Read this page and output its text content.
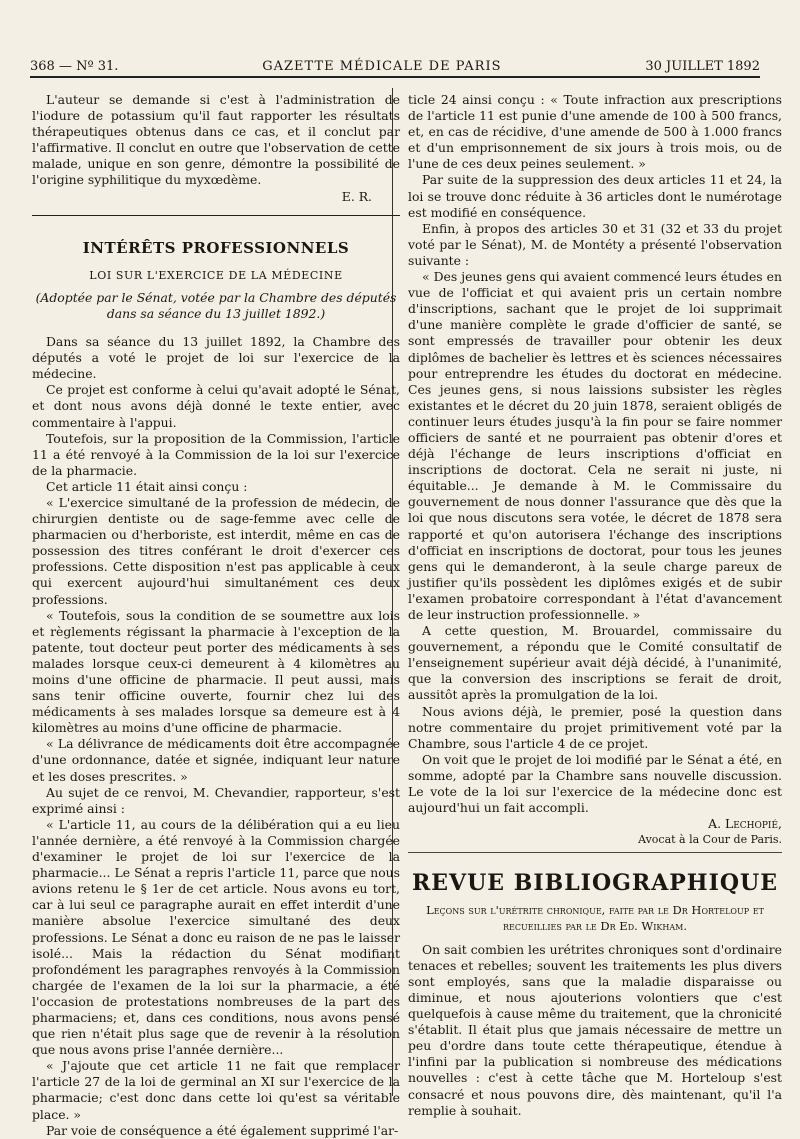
368 — Nº 31.	GAZETTE MÉDICALE DE PARIS	30 JUILLET 1892

L'auteur se demande si c'est à l'administration de l'iodure de potassium qu'il faut rapporter les résultats thérapeutiques obtenus dans ce cas, et il conclut par l'affirmative. Il conclut en outre que l'observation de cette malade, unique en son genre, démontre la possibilité de l'origine syphilitique du myxœdème.

E. R.
INTÉRÊTS PROFESSIONNELS
LOI SUR L'EXERCICE DE LA MÉDECINE
(Adoptée par le Sénat, votée par la Chambre des députés dans sa séance du 13 juillet 1892.)

Dans sa séance du 13 juillet 1892, la Chambre des députés a voté le projet de loi sur l'exercice de la médecine.

Ce projet est conforme à celui qu'avait adopté le Sénat, et dont nous avons déjà donné le texte entier, avec commentaire à l'appui.

Toutefois, sur la proposition de la Commission, l'article 11 a été renvoyé à la Commission de la loi sur l'exercice de la pharmacie.

Cet article 11 était ainsi conçu :

« L'exercice simultané de la profession de médecin, de chirurgien dentiste ou de sage-femme avec celle de pharmacien ou d'herboriste, est interdit, même en cas de possession des titres conférant le droit d'exercer ces professions. Cette disposition n'est pas applicable à ceux qui exercent aujourd'hui simultanément ces deux professions.

« Toutefois, sous la condition de se soumettre aux lois et règlements régissant la pharmacie à l'exception de la patente, tout docteur peut porter des médicaments à ses malades lorsque ceux-ci demeurent à 4 kilomètres au moins d'une officine de pharmacie. Il peut aussi, mais sans tenir officine ouverte, fournir chez lui des médicaments à ses malades lorsque sa demeure est à 4 kilomètres au moins d'une officine de pharmacie.

« La délivrance de médicaments doit être accompagnée d'une ordonnance, datée et signée, indiquant leur nature et les doses prescrites. »

Au sujet de ce renvoi, M. Chevandier, rapporteur, s'est exprimé ainsi :

« L'article 11, au cours de la délibération qui a eu lieu l'année dernière, a été renvoyé à la Commission chargée d'examiner le projet de loi sur l'exercice de la pharmacie... Le Sénat a repris l'article 11, parce que nous avions retenu le § 1er de cet article. Nous avons eu tort, car à lui seul ce paragraphe aurait en effet interdit d'une manière absolue l'exercice simultané des deux professions. Le Sénat a donc eu raison de ne pas le laisser isolé... Mais la rédaction du Sénat modifiant profondément les paragraphes renvoyés à la Commission chargée de l'examen de la loi sur la pharmacie, a été l'occasion de protestations nombreuses de la part des pharmaciens; et, dans ces conditions, nous avons pensé que rien n'était plus sage que de revenir à la résolution que nous avons prise l'année dernière...

« J'ajoute que cet article 11 ne fait que remplacer l'article 27 de la loi de germinal an XI sur l'exercice de la pharmacie; c'est donc dans cette loi qu'est sa véritable place. »

Par voie de conséquence a été également supprimé l'ar-

ticle 24 ainsi conçu : « Toute infraction aux prescriptions de l'article 11 est punie d'une amende de 100 à 500 francs, et, en cas de récidive, d'une amende de 500 à 1.000 francs et d'un emprisonnement de six jours à trois mois, ou de l'une de ces deux peines seulement. »

Par suite de la suppression des deux articles 11 et 24, la loi se trouve donc réduite à 36 articles dont le numérotage est modifié en conséquence.

Enfin, à propos des articles 30 et 31 (32 et 33 du projet voté par le Sénat), M. de Montéty a présenté l'observation suivante :

« Des jeunes gens qui avaient commencé leurs études en vue de l'officiat et qui avaient pris un certain nombre d'inscriptions, sachant que le projet de loi supprimait d'une manière complète le grade d'officier de santé, se sont empressés de travailler pour obtenir les deux diplômes de bachelier ès lettres et ès sciences nécessaires pour entreprendre les études du doctorat en médecine. Ces jeunes gens, si nous laissions subsister les règles existantes et le décret du 20 juin 1878, seraient obligés de continuer leurs études jusqu'à la fin pour se faire nommer officiers de santé et ne pourraient pas obtenir d'ores et déjà l'échange de leurs inscriptions d'officiat en inscriptions de doctorat. Cela ne serait ni juste, ni équitable... Je demande à M. le Commissaire du gouvernement de nous donner l'assurance que dès que la loi que nous discutons sera votée, le décret de 1878 sera rapporté et qu'on autorisera l'échange des inscriptions d'officiat en inscriptions de doctorat, pour tous les jeunes gens qui le demanderont, à la seule charge pareux de justifier qu'ils possèdent les diplômes exigés et de subir l'examen probatoire correspondant à l'état d'avancement de leur instruction professionnelle. »

A cette question, M. Brouardel, commissaire du gouvernement, a répondu que le Comité consultatif de l'enseignement supérieur avait déjà décidé, à l'unanimité, que la conversion des inscriptions se ferait de droit, aussitôt après la promulgation de la loi.

Nous avions déjà, le premier, posé la question dans notre commentaire du projet primitivement voté par la Chambre, sous l'article 4 de ce projet.

On voit que le projet de loi modifié par le Sénat a été, en somme, adopté par la Chambre sans nouvelle discussion. Le vote de la loi sur l'exercice de la médecine donc est aujourd'hui un fait accompli.

A. Lechopié,
Avocat à la Cour de Paris.
REVUE BIBLIOGRAPHIQUE
Leçons sur l'urétrite chronique, faite par le Dr Horteloup et recueillies par le Dr Ed. Wikham.

On sait combien les urétrites chroniques sont d'ordinaire tenaces et rebelles; souvent les traitements les plus divers sont employés, sans que la maladie disparaisse ou diminue, et nous ajouterions volontiers que c'est quelquefois à cause même du traitement, que la chronicité s'établit. Il était plus que jamais nécessaire de mettre un peu d'ordre dans toute cette thérapeutique, étendue à l'infini par la publication si nombreuse des médications nouvelles : c'est à cette tâche que M. Horteloup s'est consacré et nous pouvons dire, dès maintenant, qu'il l'a remplie à souhait.
